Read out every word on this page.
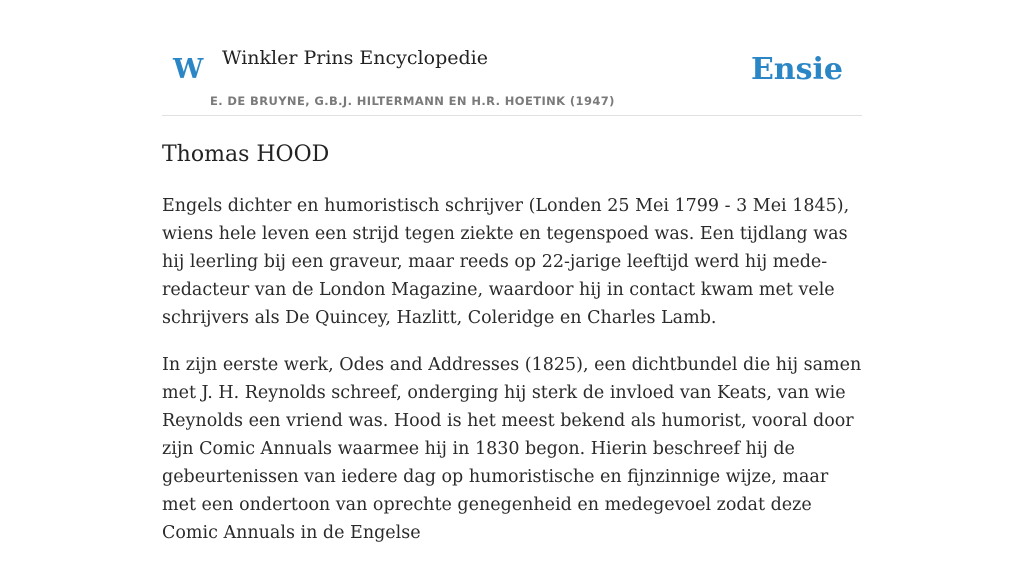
W Winkler Prins Encyclopedie
E. DE BRUYNE, G.B.J. HILTERMANN EN H.R. HOETINK (1947)
Ensie
Thomas HOOD

Engels dichter en humoristisch schrijver (Londen 25 Mei 1799 - 3 Mei 1845), wiens hele leven een strijd tegen ziekte en tegenspoed was. Een tijdlang was hij leerling bij een graveur, maar reeds op 22-jarige leeftijd werd hij mede-redacteur van de London Magazine, waardoor hij in contact kwam met vele schrijvers als De Quincey, Hazlitt, Coleridge en Charles Lamb.

In zijn eerste werk, Odes and Addresses (1825), een dichtbundel die hij samen met J. H. Reynolds schreef, onderging hij sterk de invloed van Keats, van wie Reynolds een vriend was. Hood is het meest bekend als humorist, vooral door zijn Comic Annuals waarmee hij in 1830 begon. Hierin beschreef hij de gebeurtenissen van iedere dag op humoristische en fijnzinnige wijze, maar met een ondertoon van oprechte genegenheid en medegevoel zodat deze Comic Annuals in de Engelse
